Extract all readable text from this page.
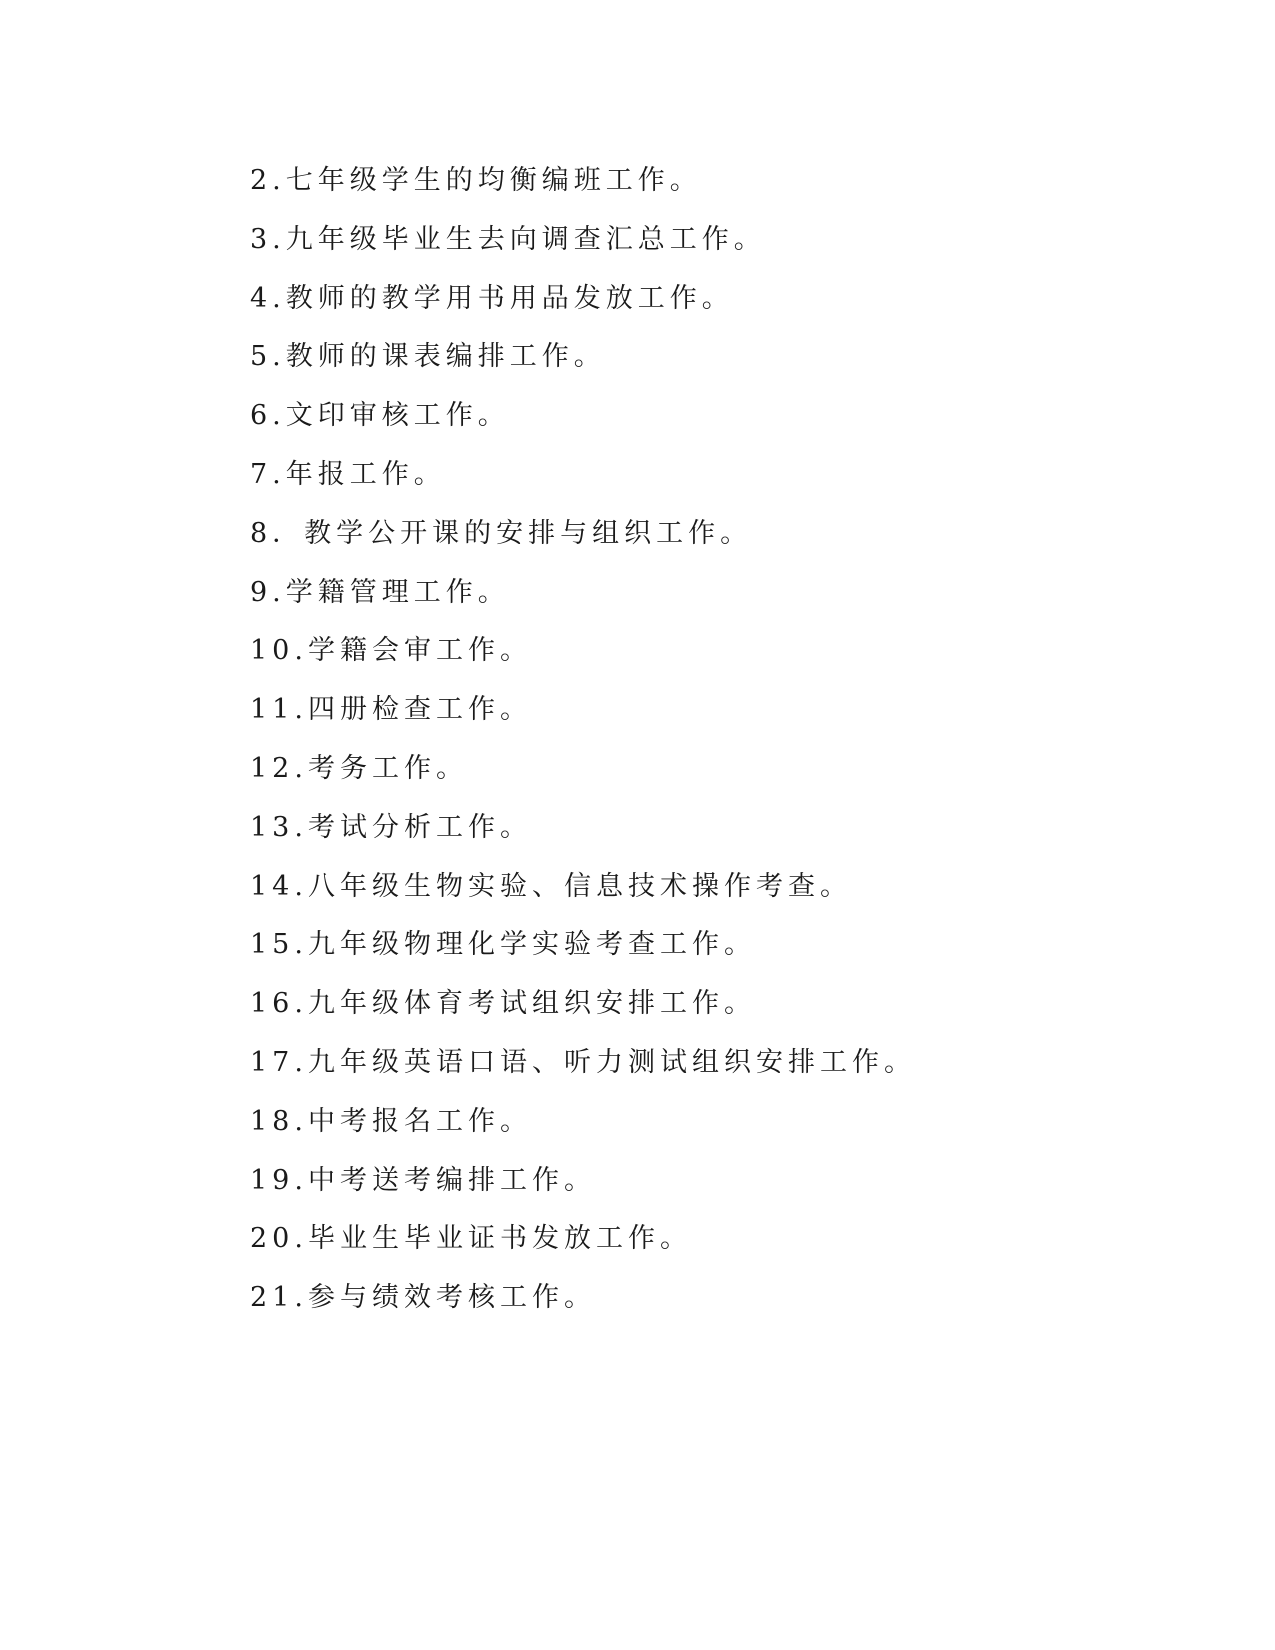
2.七年级学生的均衡编班工作。
3.九年级毕业生去向调查汇总工作。
4.教师的教学用书用品发放工作。
5.教师的课表编排工作。
6.文印审核工作。
7.年报工作。
8．教学公开课的安排与组织工作。
9.学籍管理工作。
10.学籍会审工作。
11.四册检查工作。
12.考务工作。
13.考试分析工作。
14.八年级生物实验、信息技术操作考查。
15.九年级物理化学实验考查工作。
16.九年级体育考试组织安排工作。
17.九年级英语口语、听力测试组织安排工作。
18.中考报名工作。
19.中考送考编排工作。
20.毕业生毕业证书发放工作。
21.参与绩效考核工作。
